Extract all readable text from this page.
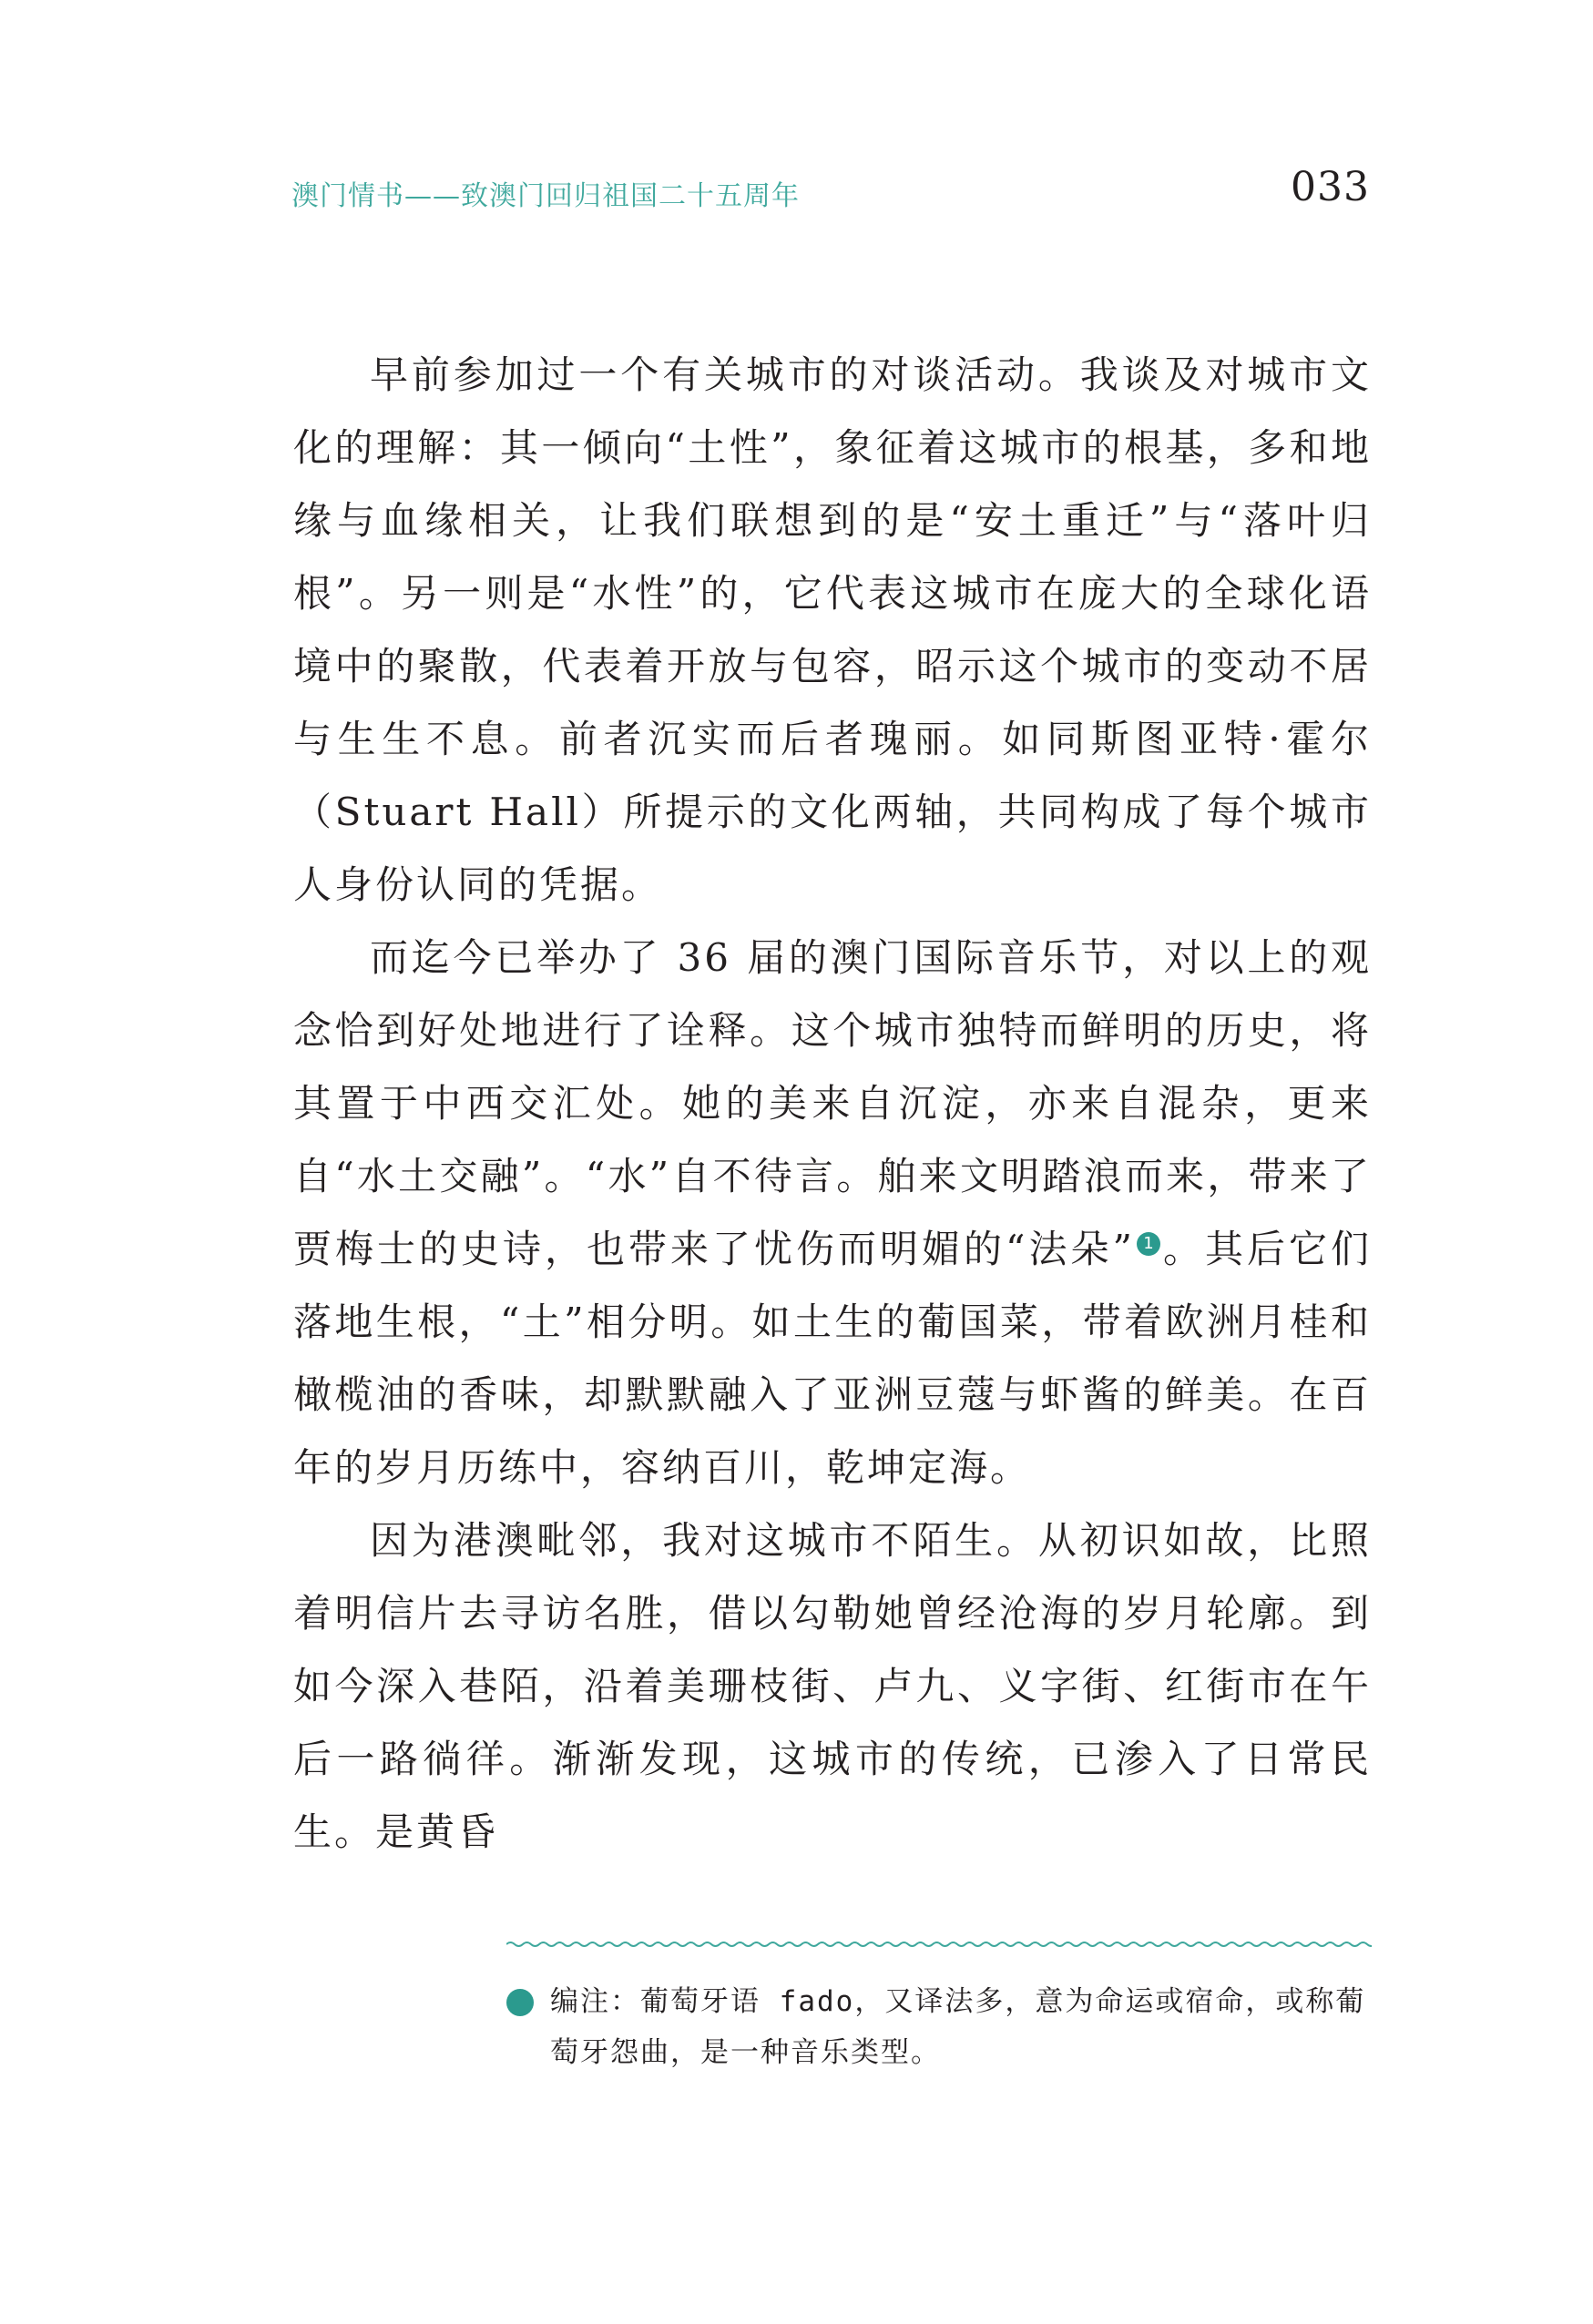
澳门情书——致澳门回归祖国二十五周年	033

早前参加过一个有关城市的对谈活动。我谈及对城市文化的理解：其一倾向“土性”，象征着这城市的根基，多和地缘与血缘相关，让我们联想到的是“安土重迁”与“落叶归根”。另一则是“水性”的，它代表这城市在庞大的全球化语境中的聚散，代表着开放与包容，昭示这个城市的变动不居与生生不息。前者沉实而后者瑰丽。如同斯图亚特·霍尔（Stuart Hall）所提示的文化两轴，共同构成了每个城市人身份认同的凭据。

而迄今已举办了 36 届的澳门国际音乐节，对以上的观念恰到好处地进行了诠释。这个城市独特而鲜明的历史，将其置于中西交汇处。她的美来自沉淀，亦来自混杂，更来自“水土交融”。“水”自不待言。舶来文明踏浪而来，带来了贾梅士的史诗，也带来了忧伤而明媚的“法朵” 1 。其后它们落地生根，“土”相分明。如土生的葡国菜，带着欧洲月桂和橄榄油的香味，却默默融入了亚洲豆蔻与虾酱的鲜美。在百年的岁月历练中，容纳百川，乾坤定海。

因为港澳毗邻，我对这城市不陌生。从初识如故，比照着明信片去寻访名胜，借以勾勒她曾经沧海的岁月轮廓。到如今深入巷陌，沿着美珊枝街、卢九、义字街、红街市在午后一路徜徉。渐渐发现，这城市的传统，已渗入了日常民生。是黄昏

1 编注：葡萄牙语 fado，又译法多，意为命运或宿命，或称葡萄牙怨曲，是一种音乐类型。
